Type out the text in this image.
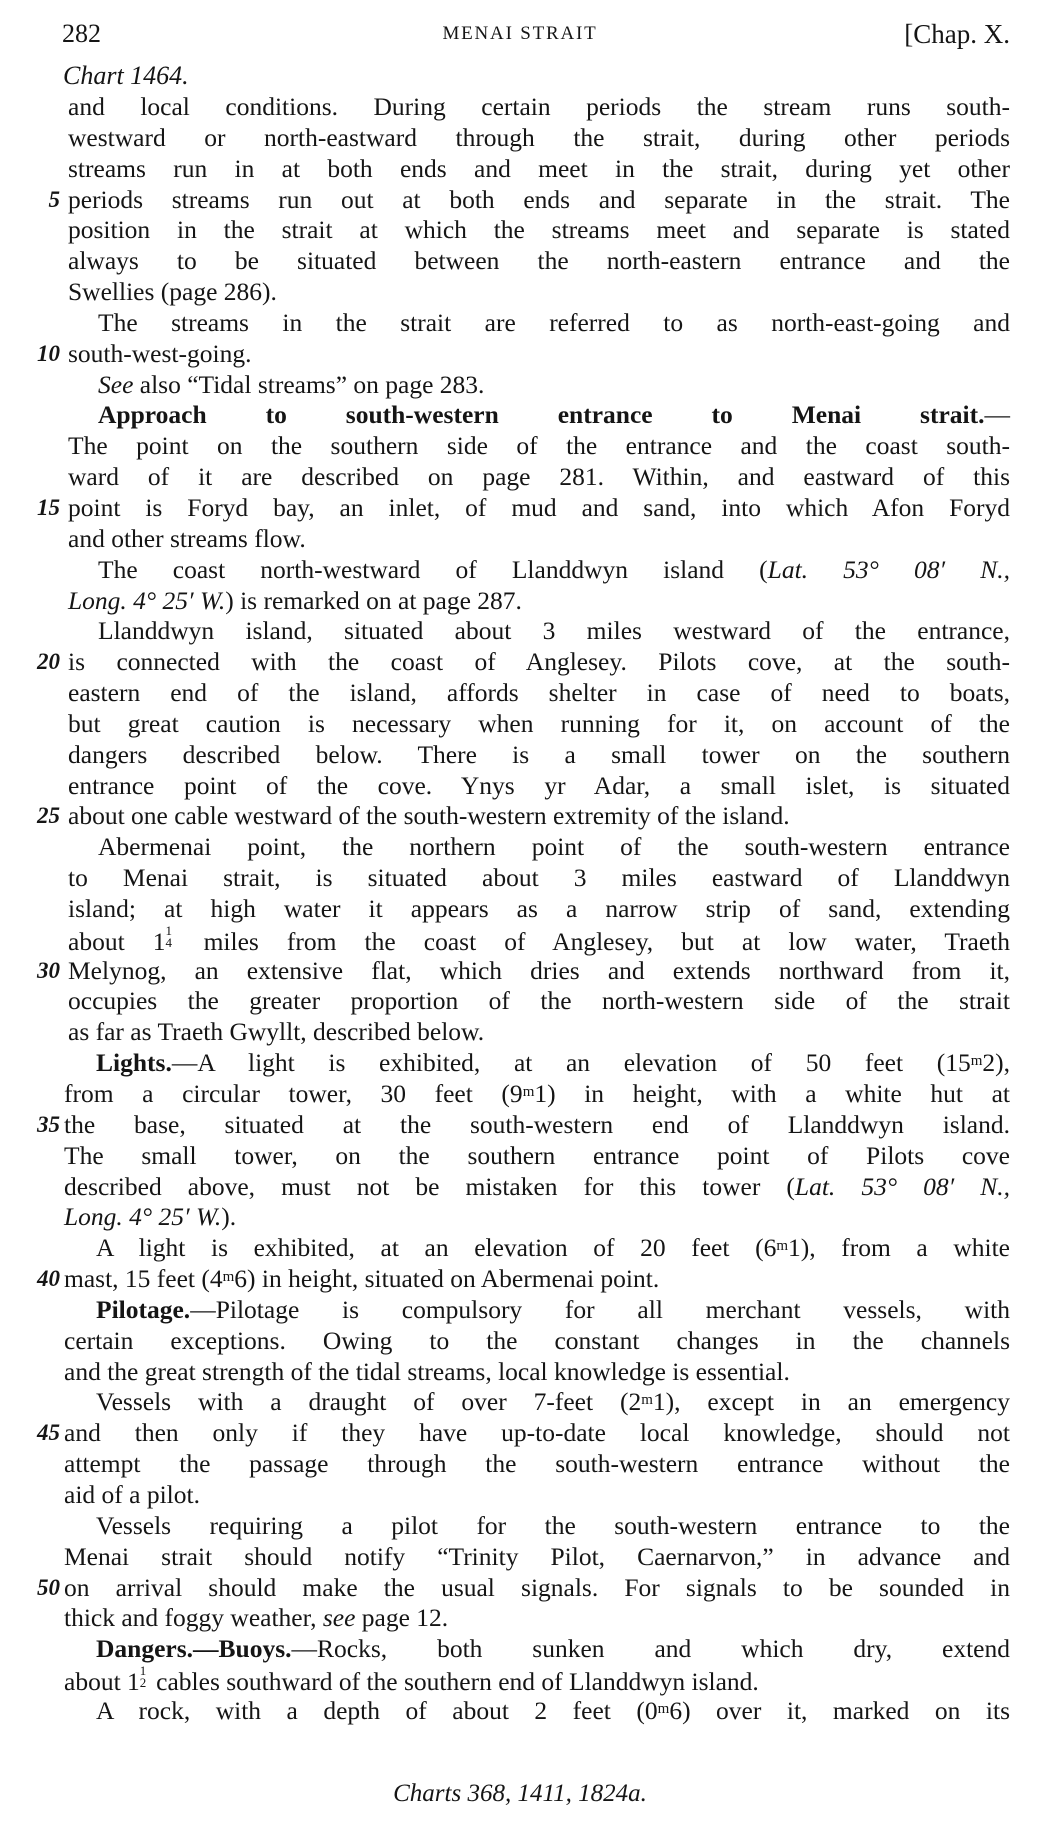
282	MENAI STRAIT	[Chap. X.
Chart 1464.
and local conditions. During certain periods the stream runs south-
westward or north-eastward through the strait, during other periods
streams run in at both ends and meet in the strait, during yet other
5 periods streams run out at both ends and separate in the strait. The
position in the strait at which the streams meet and separate is stated
always to be situated between the north-eastern entrance and the
Swellies (page 286).
The streams in the strait are referred to as north-east-going and
10 south-west-going.
See also “Tidal streams” on page 283.
Approach to south-western entrance to Menai strait.—
The point on the southern side of the entrance and the coast south-
ward of it are described on page 281. Within, and eastward of this
15 point is Foryd bay, an inlet, of mud and sand, into which Afon Foryd
and other streams flow.
The coast north-westward of Llanddwyn island (Lat. 53° 08′ N.,
Long. 4° 25′ W.) is remarked on at page 287.
Llanddwyn island, situated about 3 miles westward of the entrance,
20 is connected with the coast of Anglesey. Pilots cove, at the south-
eastern end of the island, affords shelter in case of need to boats,
but great caution is necessary when running for it, on account of the
dangers described below. There is a small tower on the southern
entrance point of the cove. Ynys yr Adar, a small islet, is situated
25 about one cable westward of the south-western extremity of the island.
Abermenai point, the northern point of the south-western entrance
to Menai strait, is situated about 3 miles eastward of Llanddwyn
island; at high water it appears as a narrow strip of sand, extending
about 1 1
4 miles from the coast of Anglesey, but at low water, Traeth
30 Melynog, an extensive flat, which dries and extends northward from it,
occupies the greater proportion of the north-western side of the strait
as far as Traeth Gwyllt, described below.
Lights.—A light is exhibited, at an elevation of 50 feet (15$^m$2),
from a circular tower, 30 feet (9$^m$1) in height, with a white hut at
35 the base, situated at the south-western end of Llanddwyn island.
The small tower, on the southern entrance point of Pilots cove
described above, must not be mistaken for this tower (Lat. 53° 08′ N.,
Long. 4° 25′ W.).
A light is exhibited, at an elevation of 20 feet (6$^m$1), from a white
40 mast, 15 feet (4$^m$6) in height, situated on Abermenai point.
Pilotage.—Pilotage is compulsory for all merchant vessels, with
certain exceptions. Owing to the constant changes in the channels
and the great strength of the tidal streams, local knowledge is essential.
Vessels with a draught of over 7-feet (2$^m$1), except in an emergency
45 and then only if they have up-to-date local knowledge, should not
attempt the passage through the south-western entrance without the
aid of a pilot.
Vessels requiring a pilot for the south-western entrance to the
Menai strait should notify “Trinity Pilot, Caernarvon,” in advance and
50 on arrival should make the usual signals. For signals to be sounded in
thick and foggy weather, see page 12.
Dangers.—Buoys.—Rocks, both sunken and which dry, extend
about 1 1
2 cables southward of the southern end of Llanddwyn island.
A rock, with a depth of about 2 feet (0$^m$6) over it, marked on its
Charts 368, 1411, 1824a.
